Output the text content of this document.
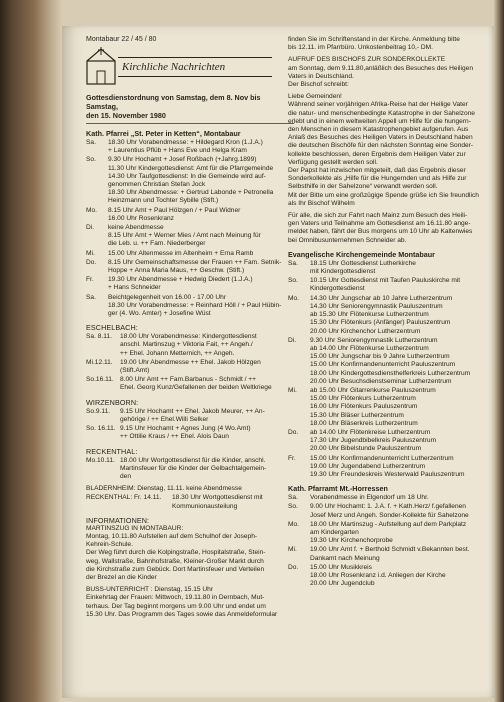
Montabaur 22 / 45 / 80
Kirchliche Nachrichten
Gottesdienstordnung von Samstag, dem 8. Nov bis Samstag,
den 15. November 1980
Kath. Pfarrei „St. Peter in Ketten“, Montabaur
Sa.	18.30 Uhr Vorabendmesse: + Hildegard Kron (1.J.A.)
+ Laurentius Pflüb + Hans Eve und Helga Kram
So.	9.30 Uhr Hochamt + Josef Roßbach (+Jahrg.1899)
11.30 Uhr Kindergottesdienst: Amt für die Pfarrgemeinde
14.30 Uhr Taufgottesdienst: In die Gemeinde wird auf-
genommen Christian Stefan Jock
18.30 Uhr Abendmesse: + Gertrud Labonde + Petronella
Heinzmann und Tochter Sybille (Stift.)
Mo.	8.15 Uhr Amt + Paul Hölzgen / + Paul Widner
16.00 Uhr Rosenkranz
Di.	keine Abendmesse
8.15 Uhr Amt + Werner Mies / Amt nach Meinung für
die Leb. u. ++ Fam. Niederberger
Mi.	15.00 Uhr Altenmesse im Altenheim + Erna Ramb
Do.	8.15 Uhr Gemeinschaftsmesse der Frauen ++ Fam. Setnik-
Hoppe + Anna Maria Maus, ++ Geschw. (Stift.)
Fr.	19.30 Uhr Abendmesse + Hedwig Diedert (1.J.A.)
+ Hans Schneider
Sa.	Beichtgelegenheit von 16.00 - 17.00 Uhr
18.30 Uhr Vorabendmesse: + Reinhard Höll / + Paul Hübin-
ger (4. Wo. Amter) + Josefine Wüst
ESCHELBACH:
Sa. 8.11.	18.00 Uhr Vorabendmesse: Kindergottesdienst
anschl. Martinszug + Viktoria Fait, ++ Angeh./
++ Ehel. Johann Metternich, ++ Angeh.
Mi.12.11.	19.00 Uhr Abendmesse ++ Ehel. Jakob Hölzgen
(Stift.Amt)
So.16.11. 8.00 Uhr Amt ++ Fam.Barbanus - Schmidt / ++
Ehel. Georg Kunz/Gefallenen der beiden Weltkriege
WIRZENBORN:
So.9.11.	9.15 Uhr Hochamt ++ Ehel. Jakob Meurer, ++ An-
gehörige / ++ Ehel.Willi Selker
So. 16.11. 9.15 Uhr Hochamt + Agnes Jung (4 Wo.Amt)
++ Ottilie Kraus / ++ Ehel. Alois Daun
RECKENTHAL:
Mo.10.11. 18.00 Uhr Wortgottesdienst für die Kinder, anschl.
Martinsfeuer für die Kinder der Gelbachtalgemein-
den
BLADERNHEIM: Dienstag, 11.11. keine Abendmesse
RECKENTHAL: Fr. 14.11.	18.30 Uhr Wortgottesdienst mit
Kommunionausteilung
INFORMATIONEN:
MARTINSZUG IN MONTABAUR:
Montag, 10.11.80 Aufstellen auf dem Schulhof der Joseph-
Kehrein-Schule.
Der Weg führt durch die Kolpingstraße, Hospitalstraße, Stein-
weg, Wallstraße, Bahnhofstraße, Kleiner-Großer Markt durch
die Kirchstraße zum Gebück. Dort Martinsfeuer und Verteilen
der Brezel an die Kinder
BUSS-UNTERRICHT : Dienstag, 15.15 Uhr
Einkehrtag der Frauen: Mittwoch, 19.11.80 in Dernbach, Mut-
terhaus. Der Tag beginnt morgens um 9.00 Uhr und endet um
15.30 Uhr. Das Programm des Tages sowie das Anmeldeformular
finden Sie im Schriftenstand in der Kirche. Anmeldung bitte
bis 12.11. im Pfarrbüro. Unkostenbeitrag 10,- DM.
AUFRUF DES BISCHOFS ZUR SONDERKOLLEKTE
am Sonntag, dem 9.11.80,anläßlich des Besuches des Heiligen
Vaters in Deutschland.
Der Bischof schreibt:
Liebe Gemeinden!
Während seiner vorjährigen Afrika-Reise hat der Heilige Vater
die natur- und menschenbedingte Katastrophe in der Sahelzone
erlebt und in einem weltweiten Appell um Hilfe für die hungern-
den Menschen in diesem Katastrophengebiet aufgerufen. Aus
Anlaß des Besuches des Heiligen Vaters in Deutschland haben
die deutschen Bischöfe für den nächsten Sonntag eine Sonder-
kollekte beschlossen, deren Ergebnis dem Heiligen Vater zur
Verfügung gestellt werden soll.
Der Papst hat inzwischen mitgeteilt, daß das Ergebnis dieser
Sonderkollekte als „Hilfe für die Hungernden und als Hilfe zur
Selbsthilfe in der Sahelzone“ verwandt werden soll.
Mit der Bitte um eine großzügige Spende grüße ich Sie freundlich
als Ihr Bischof Wilhelm
Für alle, die sich zur Fahrt nach Mainz zum Besuch des Heili-
gen Vaters und Teilnahme am Gottesdienst am 16.11.80 ange-
meldet haben, fährt der Bus morgens um 10 Uhr ab Kaltenwies
bei Omnibusunternehmen Schneider ab.
Evangelische Kirchengemeinde Montabaur
Sa.	18.15 Uhr Gottesdienst Lutherkirche
mit Kindergottesdienst
So.	10.15 Uhr Gottesdienst mit Taufen Pauluskirche mit
Kindergottesdienst
Mo.	14.30 Uhr Jungschar ab 10 Jahre Lutherzentrum
14.30 Uhr Seniorengymnastik Pauluszentrum
ab 15.30 Uhr Flötenkurse Lutherzentrum
15.30 Uhr Flötenkurs (Anfänger) Pauluszentrum
20.00 Uhr Kirchenchor Lutherzentrum
Di.	9.30 Uhr Seniorengymnastik Lutherzentrum
ab 14.00 Uhr Flötenkurse Lutherzentrum
15.00 Uhr Jungschar bis 9 Jahre Lutherzentrum
15.00 Uhr Konfirmandenunterricht Pauluszentrum
18.00 Uhr Kindergottesdiensthelferkreis Lutherzentrum
20.00 Uhr Besuchsdienstseminar Lutherzentrum
Mi.	ab 15.00 Uhr Gitarrenkurse Pauluszentrum
15.00 Uhr Flötenkurs Lutherzentrum
16.00 Uhr Flötenkurs Pauluszentrum
15.30 Uhr Bläser Lutherzentrum
18.00 Uhr Bläserkreis Lutherzentrum
Do.	ab 14.00 Uhr Flötenkreise Lutherzentrum
17.30 Uhr Jugendbibelkreis Pauluszentrum
20.00 Uhr Bibelstunde Pauluszentrum
Fr.	15.00 Uhr Konfirmandenunterricht Lutherzentrum
19.00 Uhr Jugendabend Lutherzentrum
19.30 Uhr Freundeskreis Westerwald Pauluszentrum
Kath. Pfarramt Mt.-Horressen
Sa.	Vorabendmesse in Elgendorf um 18 Uhr.
So.	9.00 Uhr Hochamt: 1. J.A. f. + Kath.Herz/ f.gefallenen
Josef Merz und Angeh. Sonder-Kollekte für Sahelzone
Mo.	18.00 Uhr Martinszug - Aufstellung auf dem Parkplatz
am Kindergarten
19.30 Uhr Kirchenchorprobe
Mi.	19.00 Uhr Amt f. + Berthold Schmidt v.Bekannten best.
Dankamt nach Meinung
Do.	15.00 Uhr Musikkreis
18.00 Uhr Rosenkranz i.d. Anliegen der Kirche
20.00 Uhr Jugendclub
